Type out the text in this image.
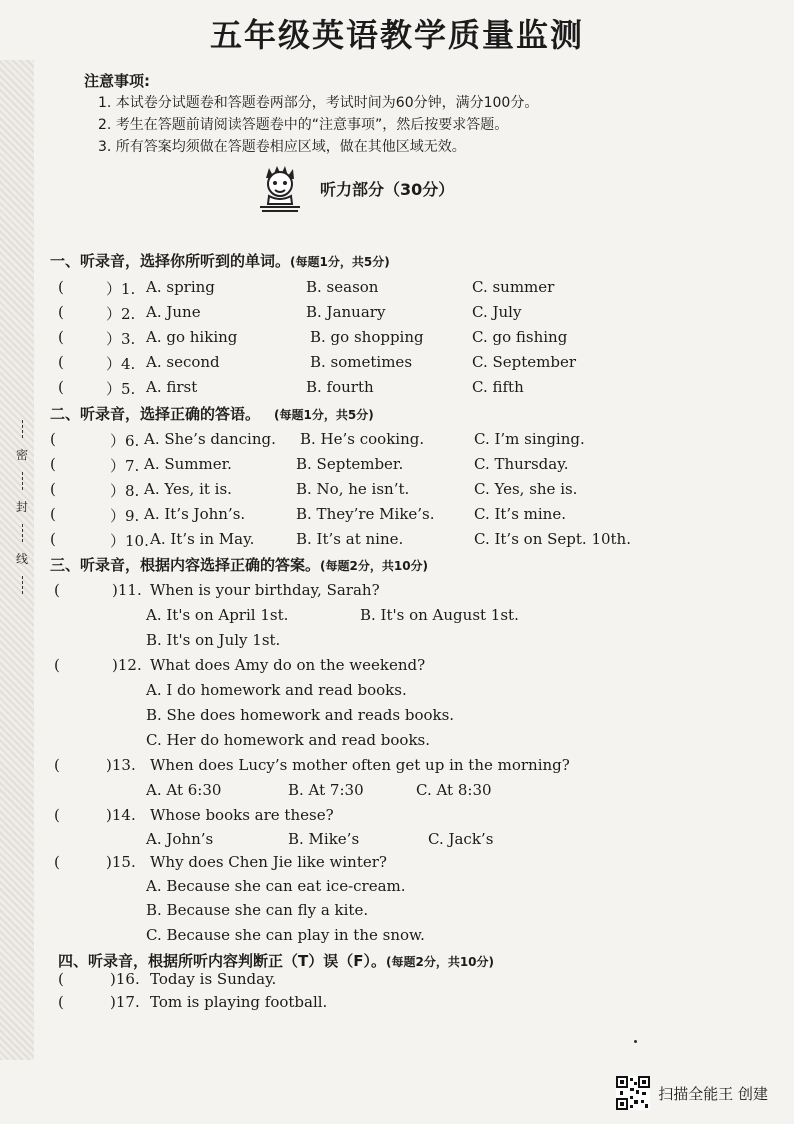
密
封
线
五年级英语教学质量监测
注意事项:
1. 本试卷分试题卷和答题卷两部分，考试时间为60分钟，满分100分。
2. 考生在答题前请阅读答题卷中的“注意事项”，然后按要求答题。
3. 所有答案均须做在答题卷相应区域，做在其他区域无效。
听力部分（30分）
一、听录音，选择你所听到的单词。(每题1分，共5分)
(	）1. A. spring	B. season	C. summer
(	）2. A. June	B. January	C. July
(	）3. A. go hiking	B. go shopping	C. go fishing
(	）4. A. second	B. sometimes	C. September
(	）5. A. first	B. fourth	C. fifth
二、听录音，选择正确的答语。 (每题1分，共5分)
(	）6. A. She’s dancing. B. He’s cooking.	C. I’m singing.
(	）7. A. Summer.	B. September.	C. Thursday.
(	）8. A. Yes, it is.	B. No, he isn’t.	C. Yes, she is.
(	）9. A. It’s John’s.	B. They’re Mike’s.	C. It’s mine.
(	）10. A. It’s in May.	B. It’s at nine.	C. It’s on Sept. 10th.
三、听录音，根据内容选择正确的答案。(每题2分，共10分)
(	)11. When is your birthday, Sarah?
A. It's on April 1st.	B. It's on August 1st.
B. It's on July 1st.
(	)12. What does Amy do on the weekend?
A. I do homework and read books.
B. She does homework and reads books.
C. Her do homework and read books.
(	)13. When does Lucy’s mother often get up in the morning?
A. At 6:30	B. At 7:30	C. At 8:30
(	)14. Whose books are these?
A. John’s	B. Mike’s	C. Jack’s
(	)15. Why does Chen Jie like winter?
A. Because she can eat ice-cream.
B. Because she can fly a kite.
C. Because she can play in the snow.
四、听录音，根据所听内容判断正（T）误（F）。(每题2分，共10分)
(	)16. Today is Sunday.
(	)17. Tom is playing football.
扫描全能王 创建
